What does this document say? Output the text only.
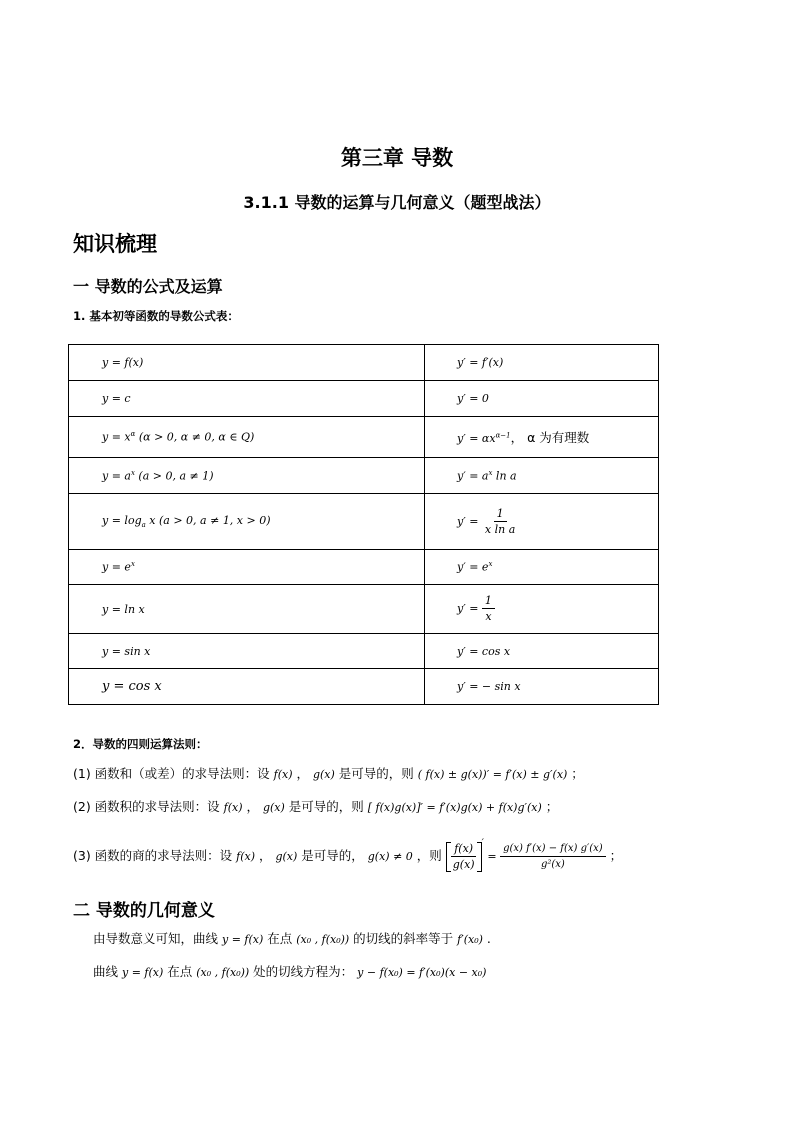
第三章 导数
3.1.1 导数的运算与几何意义（题型战法）
知识梳理
一 导数的公式及运算
1. 基本初等函数的导数公式表：
y = f(x)	y′ = f′(x)
y = c	y′ = 0
$y = x^\alpha$ (α > 0, α ≠ 0, α ∈ Q)	$y' = \alpha x^{\alpha-1}$， α 为有理数
$y = a^x$ (a > 0, a ≠ 1)	$y' = a^x$ ln a
$y = \log_a x$ (a > 0, a ≠ 1, x > 0)	$y' = \frac{1}{\text{x ln a}}$

$y = e^x$	$y' = e^x$
y = ln x	$y' = \frac{1}{x}$

y = sin x	y′ = cos x
y = cos x	y′ = − sin x
2．导数的四则运算法则：
(1) 函数和（或差）的求导法则：设 f(x) ， g(x) 是可导的，则 ( f(x) ± g(x))′ = f′(x) ± g′(x) ；
(2) 函数积的求导法则：设 f(x) ， g(x) 是可导的，则 [ f(x)g(x)]′ = f′(x)g(x) + f(x)g′(x) ；
(3) 函数的商的求导法则：设 f(x) ， g(x) 是可导的， g(x) ≠ 0 ，则 $\frac{f(x)}{g(x)} ' = \frac{g(x) f'(x) - f(x) g'(x)}{\text{g²(x)}}$ ；
二 导数的几何意义
由导数意义可知，曲线 y = f(x) 在点 (x₀ , f(x₀)) 的切线的斜率等于 f′(x₀) .
曲线 y = f(x) 在点 (x₀ , f(x₀)) 处的切线方程为： y − f(x₀) = f′(x₀)(x − x₀)
